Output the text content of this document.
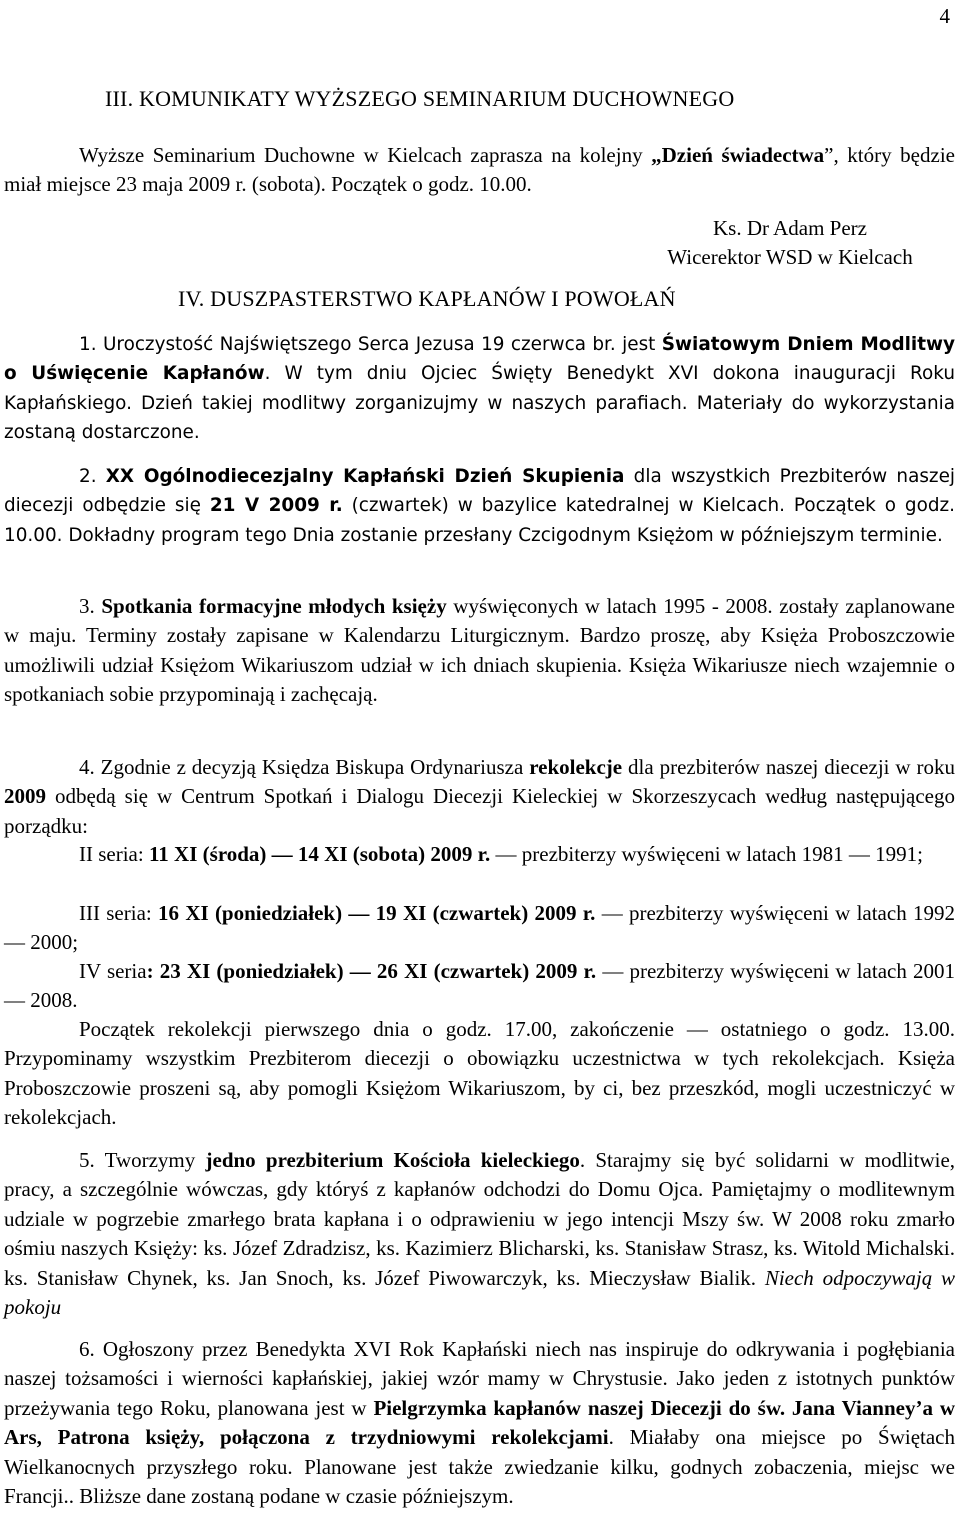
4
III. KOMUNIKATY WYŻSZEGO SEMINARIUM DUCHOWNEGO
Wyższe Seminarium Duchowne w Kielcach zaprasza na kolejny „Dzień świadectwa”, który będzie miał miejsce 23 maja 2009 r. (sobota). Początek o godz. 10.00.
Ks. Dr Adam Perz
Wicerektor WSD w Kielcach
IV. DUSZPASTERSTWO KAPŁANÓW I POWOŁAŃ
1. Uroczystość Najświętszego Serca Jezusa 19 czerwca br. jest Światowym Dniem Modlitwy o Uświęcenie Kapłanów. W tym dniu Ojciec Święty Benedykt XVI dokona inauguracji Roku Kapłańskiego. Dzień takiej modlitwy zorganizujmy w naszych parafiach. Materiały do wykorzystania zostaną dostarczone.
2. XX Ogólnodiecezjalny Kapłański Dzień Skupienia dla wszystkich Prezbiterów naszej diecezji odbędzie się 21 V 2009 r. (czwartek) w bazylice katedralnej w Kielcach. Początek o godz. 10.00. Dokładny program tego Dnia zostanie przesłany Czcigodnym Księżom w późniejszym terminie.
3. Spotkania formacyjne młodych księży wyświęconych w latach 1995 - 2008. zostały zaplanowane w maju. Terminy zostały zapisane w Kalendarzu Liturgicznym. Bardzo proszę, aby Księża Proboszczowie umożliwili udział Księżom Wikariuszom udział w ich dniach skupienia. Księża Wikariusze niech wzajemnie o spotkaniach sobie przypominają i zachęcają.
4. Zgodnie z decyzją Księdza Biskupa Ordynariusza rekolekcje dla prezbiterów naszej diecezji w roku 2009 odbędą się w Centrum Spotkań i Dialogu Diecezji Kieleckiej w Skorzeszycach według następującego porządku:
II seria: 11 XI (środa) — 14 XI (sobota) 2009 r. — prezbiterzy wyświęceni w latach 1981 — 1991;
III seria: 16 XI (poniedziałek) — 19 XI (czwartek) 2009 r. — prezbiterzy wyświęceni w latach 1992 — 2000;
IV seria: 23 XI (poniedziałek) — 26 XI (czwartek) 2009 r. — prezbiterzy wyświęceni w latach 2001 — 2008.
Początek rekolekcji pierwszego dnia o godz. 17.00, zakończenie — ostatniego o godz. 13.00. Przypominamy wszystkim Prezbiterom diecezji o obowiązku uczestnictwa w tych rekolekcjach. Księża Proboszczowie proszeni są, aby pomogli Księżom Wikariuszom, by ci, bez przeszkód, mogli uczestniczyć w rekolekcjach.
5. Tworzymy jedno prezbiterium Kościoła kieleckiego. Starajmy się być solidarni w modlitwie, pracy, a szczególnie wówczas, gdy któryś z kapłanów odchodzi do Domu Ojca. Pamiętajmy o modlitewnym udziale w pogrzebie zmarłego brata kapłana i o odprawieniu w jego intencji Mszy św. W 2008 roku zmarło ośmiu naszych Księży: ks. Józef Zdradzisz, ks. Kazimierz Blicharski, ks. Stanisław Strasz, ks. Witold Michalski. ks. Stanisław Chynek, ks. Jan Snoch, ks. Józef Piwowarczyk, ks. Mieczysław Bialik. Niech odpoczywają w pokoju
6. Ogłoszony przez Benedykta XVI Rok Kapłański niech nas inspiruje do odkrywania i pogłębiania naszej tożsamości i wierności kapłańskiej, jakiej wzór mamy w Chrystusie. Jako jeden z istotnych punktów przeżywania tego Roku, planowana jest w Pielgrzymka kapłanów naszej Diecezji do św. Jana Vianney’a w Ars, Patrona księży, połączona z trzydniowymi rekolekcjami. Miałaby ona miejsce po Świętach Wielkanocnych przyszłego roku. Planowane jest także zwiedzanie kilku, godnych zobaczenia, miejsc we Francji.. Bliższe dane zostaną podane w czasie późniejszym.
